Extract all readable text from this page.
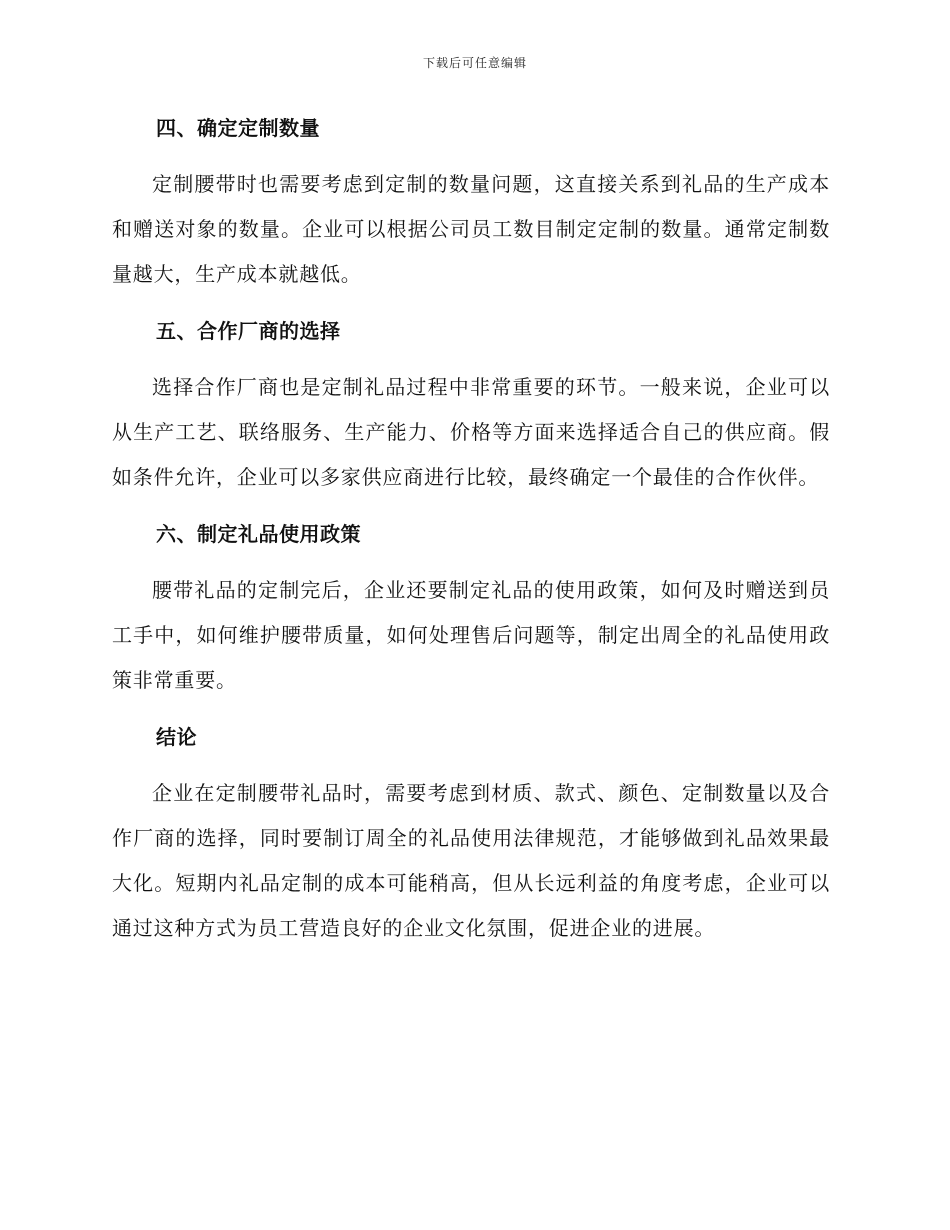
下载后可任意编辑
四、确定定制数量

定制腰带时也需要考虑到定制的数量问题，这直接关系到礼品的生产成本和赠送对象的数量。企业可以根据公司员工数目制定定制的数量。通常定制数量越大，生产成本就越低。

五、合作厂商的选择

选择合作厂商也是定制礼品过程中非常重要的环节。一般来说，企业可以从生产工艺、联络服务、生产能力、价格等方面来选择适合自己的供应商。假如条件允许，企业可以多家供应商进行比较，最终确定一个最佳的合作伙伴。

六、制定礼品使用政策

腰带礼品的定制完后，企业还要制定礼品的使用政策，如何及时赠送到员工手中，如何维护腰带质量，如何处理售后问题等，制定出周全的礼品使用政策非常重要。

结论

企业在定制腰带礼品时，需要考虑到材质、款式、颜色、定制数量以及合作厂商的选择，同时要制订周全的礼品使用法律规范，才能够做到礼品效果最大化。短期内礼品定制的成本可能稍高，但从长远利益的角度考虑，企业可以通过这种方式为员工营造良好的企业文化氛围，促进企业的进展。
